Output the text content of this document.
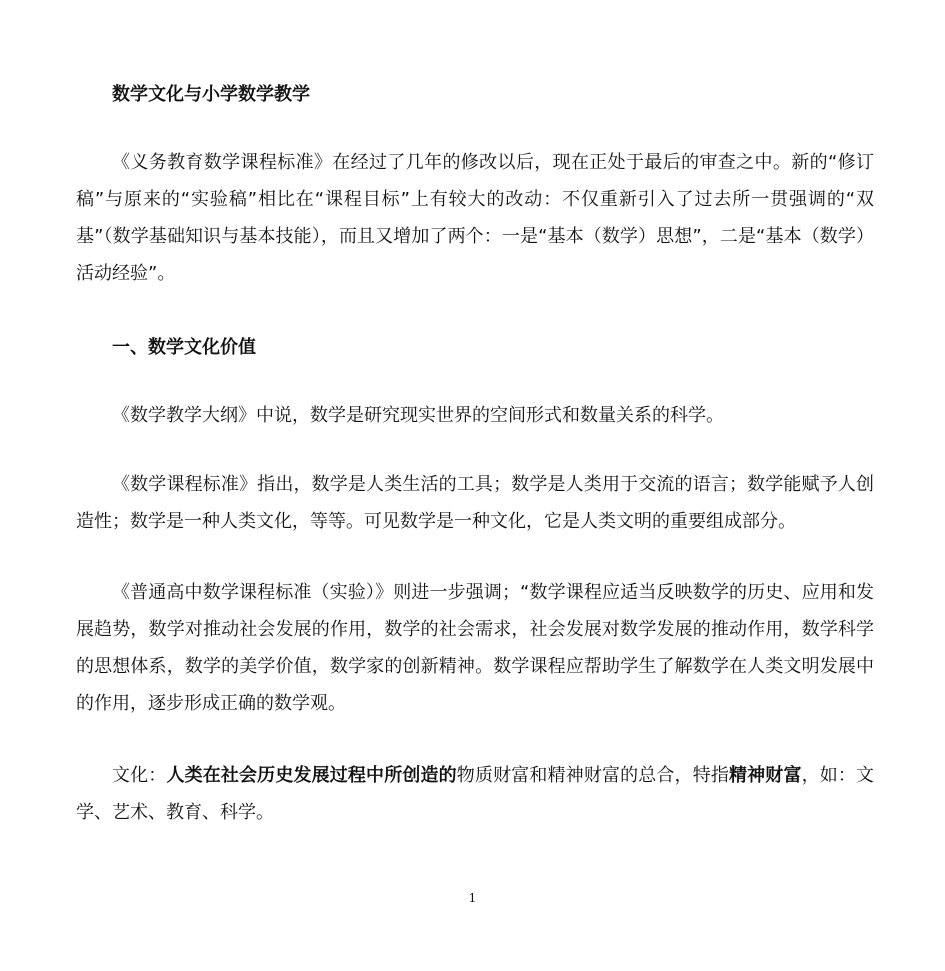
数学文化与小学数学教学

《义务教育数学课程标准》在经过了几年的修改以后，现在正处于最后的审查之中。新的“修订稿”与原来的“实验稿”相比在“课程目标”上有较大的改动：不仅重新引入了过去所一贯强调的“双基”（数学基础知识与基本技能），而且又增加了两个：一是“基本（数学）思想”，二是“基本（数学）活动经验”。

一、数学文化价值

《数学教学大纲》中说，数学是研究现实世界的空间形式和数量关系的科学。

《数学课程标准》指出，数学是人类生活的工具；数学是人类用于交流的语言；数学能赋予人创造性；数学是一种人类文化，等等。可见数学是一种文化，它是人类文明的重要组成部分。

《普通高中数学课程标准（实验）》则进一步强调；“数学课程应适当反映数学的历史、应用和发展趋势，数学对推动社会发展的作用，数学的社会需求，社会发展对数学发展的推动作用，数学科学的思想体系，数学的美学价值，数学家的创新精神。数学课程应帮助学生了解数学在人类文明发展中的作用，逐步形成正确的数学观。

文化：人类在社会历史发展过程中所创造的物质财富和精神财富的总合，特指精神财富，如：文学、艺术、教育、科学。

1
